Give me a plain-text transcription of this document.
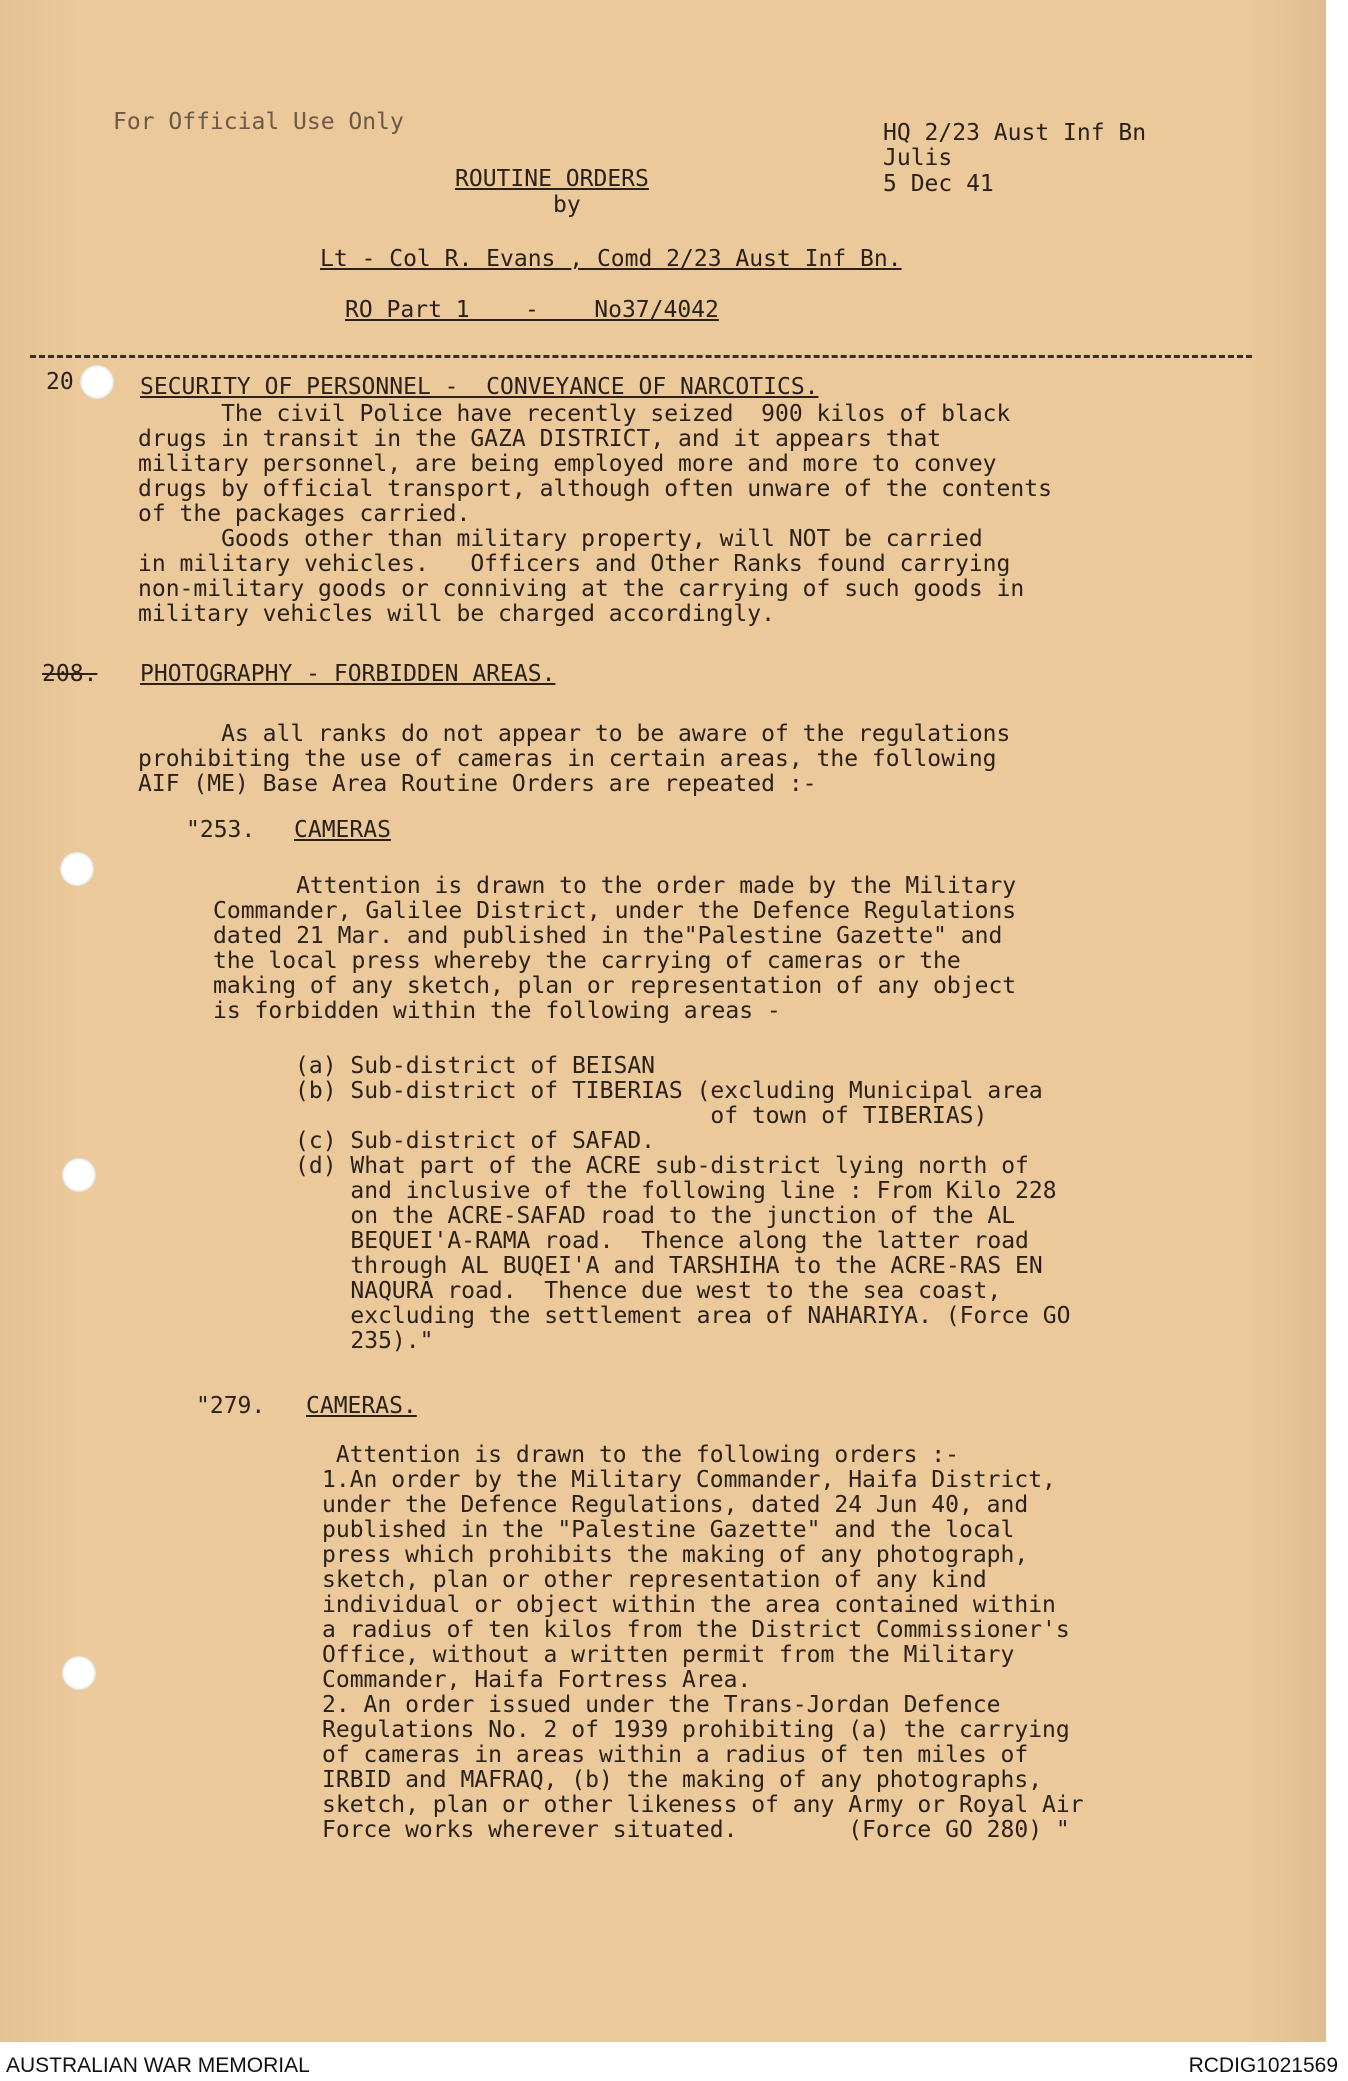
For Official Use Only	HQ 2/23 Aust Inf Bn
Julis
5 Dec 41
ROUTINE ORDERS
by
Lt - Col R. Evans , Comd 2/23 Aust Inf Bn.
RO Part 1    -    No37/4042
20	SECURITY OF PERSONNEL -  CONVEYANCE OF NARCOTICS.
The civil Police have recently seized  900 kilos of black
drugs in transit in the GAZA DISTRICT, and it appears that
military personnel, are being employed more and more to convey
drugs by official transport, although often unware of the contents
of the packages carried.
Goods other than military property, will NOT be carried
in military vehicles.   Officers and Other Ranks found carrying
non-military goods or conniving at the carrying of such goods in
military vehicles will be charged accordingly.
208. PHOTOGRAPHY - FORBIDDEN AREAS.
As all ranks do not appear to be aware of the regulations
prohibiting the use of cameras in certain areas, the following
AIF (ME) Base Area Routine Orders are repeated :-
"253. CAMERAS
Attention is drawn to the order made by the Military
Commander, Galilee District, under the Defence Regulations
dated 21 Mar. and published in the"Palestine Gazette" and
the local press whereby the carrying of cameras or the
making of any sketch, plan or representation of any object
is forbidden within the following areas -
(a) Sub-district of BEISAN
(b) Sub-district of TIBERIAS (excluding Municipal area
of town of TIBERIAS)
(c) Sub-district of SAFAD.
(d) What part of the ACRE sub-district lying north of
and inclusive of the following line : From Kilo 228
on the ACRE-SAFAD road to the junction of the AL
BEQUEI'A-RAMA road.  Thence along the latter road
through AL BUQEI'A and TARSHIHA to the ACRE-RAS EN
NAQURA road.  Thence due west to the sea coast,
excluding the settlement area of NAHARIYA. (Force GO
235)."
"279. CAMERAS.
Attention is drawn to the following orders :-
1.An order by the Military Commander, Haifa District,
under the Defence Regulations, dated 24 Jun 40, and
published in the "Palestine Gazette" and the local
press which prohibits the making of any photograph,
sketch, plan or other representation of any kind
individual or object within the area contained within
a radius of ten kilos from the District Commissioner's
Office, without a written permit from the Military
Commander, Haifa Fortress Area.
2. An order issued under the Trans-Jordan Defence
Regulations No. 2 of 1939 prohibiting (a) the carrying
of cameras in areas within a radius of ten miles of
IRBID and MAFRAQ, (b) the making of any photographs,
sketch, plan or other likeness of any Army or Royal Air
Force works wherever situated.        (Force GO 280) "
AUSTRALIAN WAR MEMORIAL	RCDIG1021569
